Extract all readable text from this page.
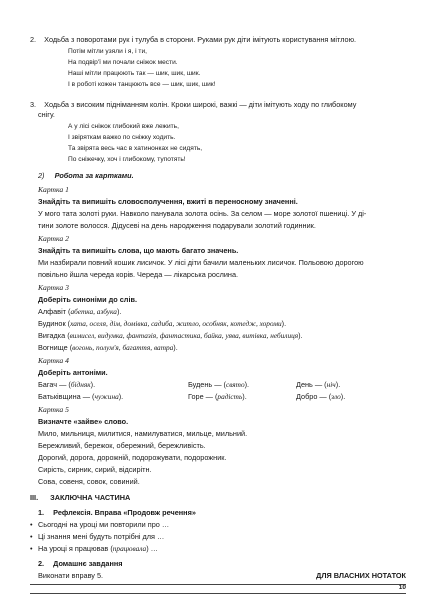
2. Ходьба з поворотами рук і тулуба в сторони. Руками рук діти імітують користування мітлою.
Потім мітли узяли і я, і ти,
На подвір'ї ми почали сніжок мести.
Наші мітли працюють так — шик, шик, шик.
І в роботі кожен танцюють все — шик, шик, шик!
3. Ходьба з високим підніманням колін. Кроки широкі, важкі — діти імітують ходу по глибокому
снігу.
А у лісі сніжок глибокий вже лежить,
І звіряткам важко по сніжку ходить.
Та звірята весь час в хатинонках не сидять,
По сніжечку, хоч і глибокому, тупотять!
2) Робота за картками.
Картка 1
Знайдіть та випишіть словосполучення, вжиті в переносному значенні.
У мого тата золоті руки. Навколо панувала золота осінь. За селом — море золотої пшениці. У ді-
тини золоте волосся. Дідусеві на день народження подарували золотий годинник.
Картка 2
Знайдіть та випишіть слова, що мають багато значень.
Ми назбирали повний кошик лисичок. У лісі діти бачили маленьких лисичок. Польовою дорогою
повільно йшла череда корів. Череда — лікарська рослина.
Картка 3
Доберіть синоніми до слів.
Алфавіт (абетка, азбука).
Будинок (хата, оселя, дім, домівка, садиба, житло, особняк, котедж, хороми).
Вигадка (вимисел, видумка, фантазія, фантастика, байка, уява, витівка, небилиця).
Вогнище (вогонь, полум'я, багаття, ватра).
Картка 4
Доберіть антоніми.
Багач — (бідняк).	Будень — (свято).	День — (ніч).
Батьківщина — (чужина).	Горе — (радість).	Добро — (зло).
Картка 5
Визначте «зайве» слово.
Мило, мильниця, милитися, намилуватися, мильце, мильний.
Бережливий, бережок, обережний, бережливість.
Дорогий, дорога, дорожній, подорожувати, подорожник.
Сирість, сирник, сирий, відсирітн.
Сова, совеня, совок, совиний.
ІІІ. ЗАКЛЮЧНА ЧАСТИНА
1. Рефлексія. Вправа «Продовж речення»
• Сьогодні на уроці ми повторили про …
• Ці знання мені будуть потрібні для …
• На уроці я працював (працювала) …
2. Домашнє завдання
Виконати вправу 5.	ДЛЯ ВЛАСНИХ НОТАТОК
10
